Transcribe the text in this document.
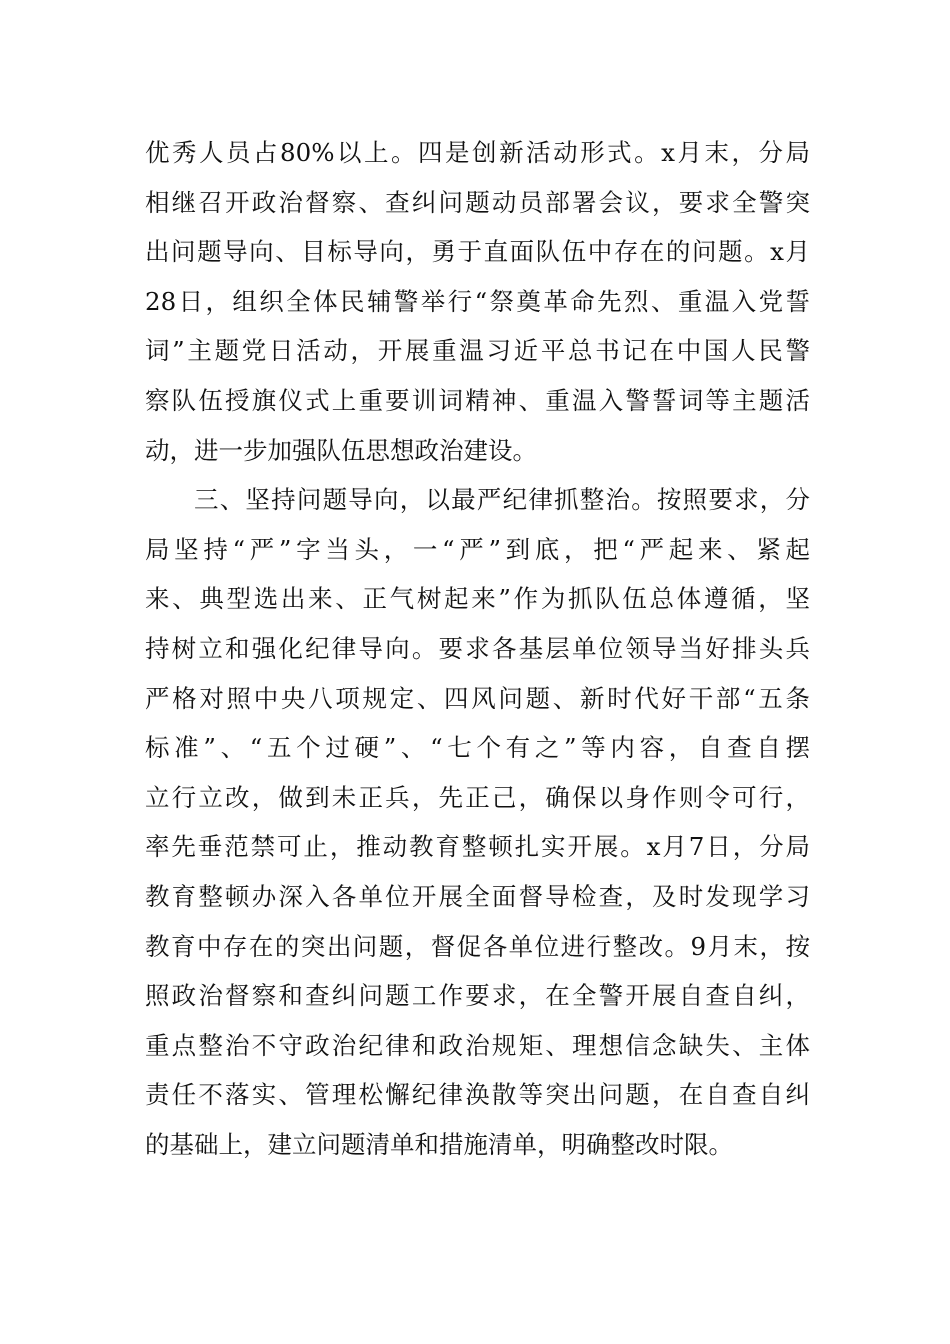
优秀人员占80%以上。四是创新活动形式。x月末，分局
相继召开政治督察、查纠问题动员部署会议，要求全警突
出问题导向、目标导向，勇于直面队伍中存在的问题。x月
28日，组织全体民辅警举行“祭奠革命先烈、重温入党誓
词”主题党日活动，开展重温习近平总书记在中国人民警
察队伍授旗仪式上重要训词精神、重温入警誓词等主题活
动，进一步加强队伍思想政治建设。
三、坚持问题导向，以最严纪律抓整治。按照要求，分
局坚持“严”字当头，一“严”到底，把“严起来、紧起
来、典型选出来、正气树起来”作为抓队伍总体遵循，坚
持树立和强化纪律导向。要求各基层单位领导当好排头兵
严格对照中央八项规定、四风问题、新时代好干部“五条
标准”、“五个过硬”、“七个有之”等内容，自查自摆
立行立改，做到未正兵，先正己，确保以身作则令可行，
率先垂范禁可止，推动教育整顿扎实开展。x月7日，分局
教育整顿办深入各单位开展全面督导检查，及时发现学习
教育中存在的突出问题，督促各单位进行整改。9月末，按
照政治督察和查纠问题工作要求，在全警开展自查自纠，
重点整治不守政治纪律和政治规矩、理想信念缺失、主体
责任不落实、管理松懈纪律涣散等突出问题，在自查自纠
的基础上，建立问题清单和措施清单，明确整改时限。
